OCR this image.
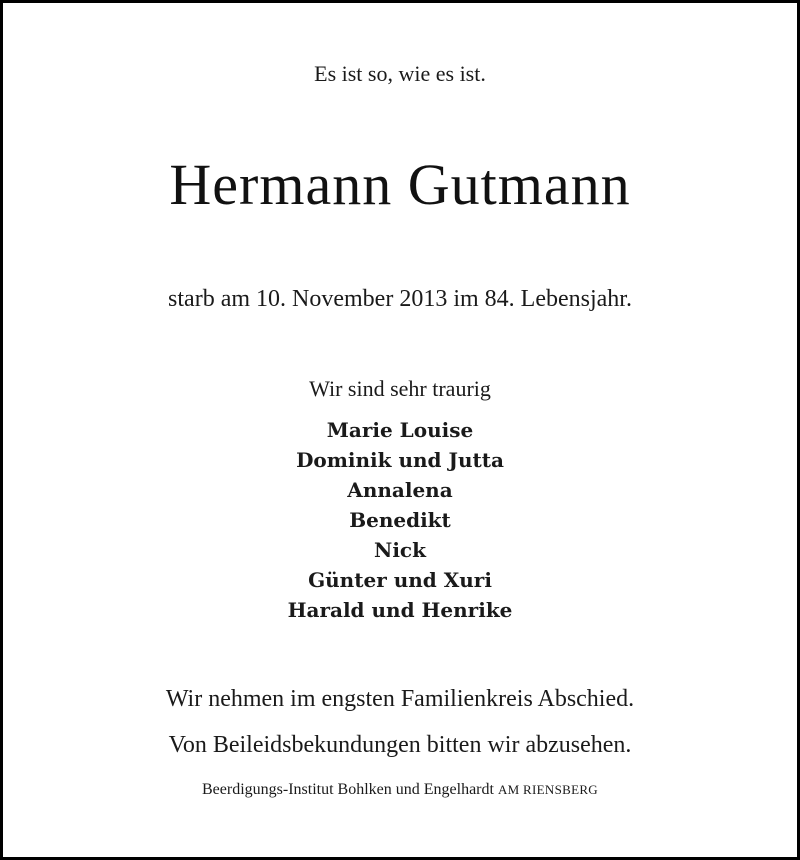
Es ist so, wie es ist.
Hermann Gutmann
starb am 10. November 2013 im 84. Lebensjahr.
Wir sind sehr traurig
Marie Louise
Dominik und Jutta
Annalena
Benedikt
Nick
Günter und Xuri
Harald und Henrike
Wir nehmen im engsten Familienkreis Abschied.
Von Beileidsbekundungen bitten wir abzusehen.
Beerdigungs-Institut Bohlken und Engelhardt AM RIENSBERG
